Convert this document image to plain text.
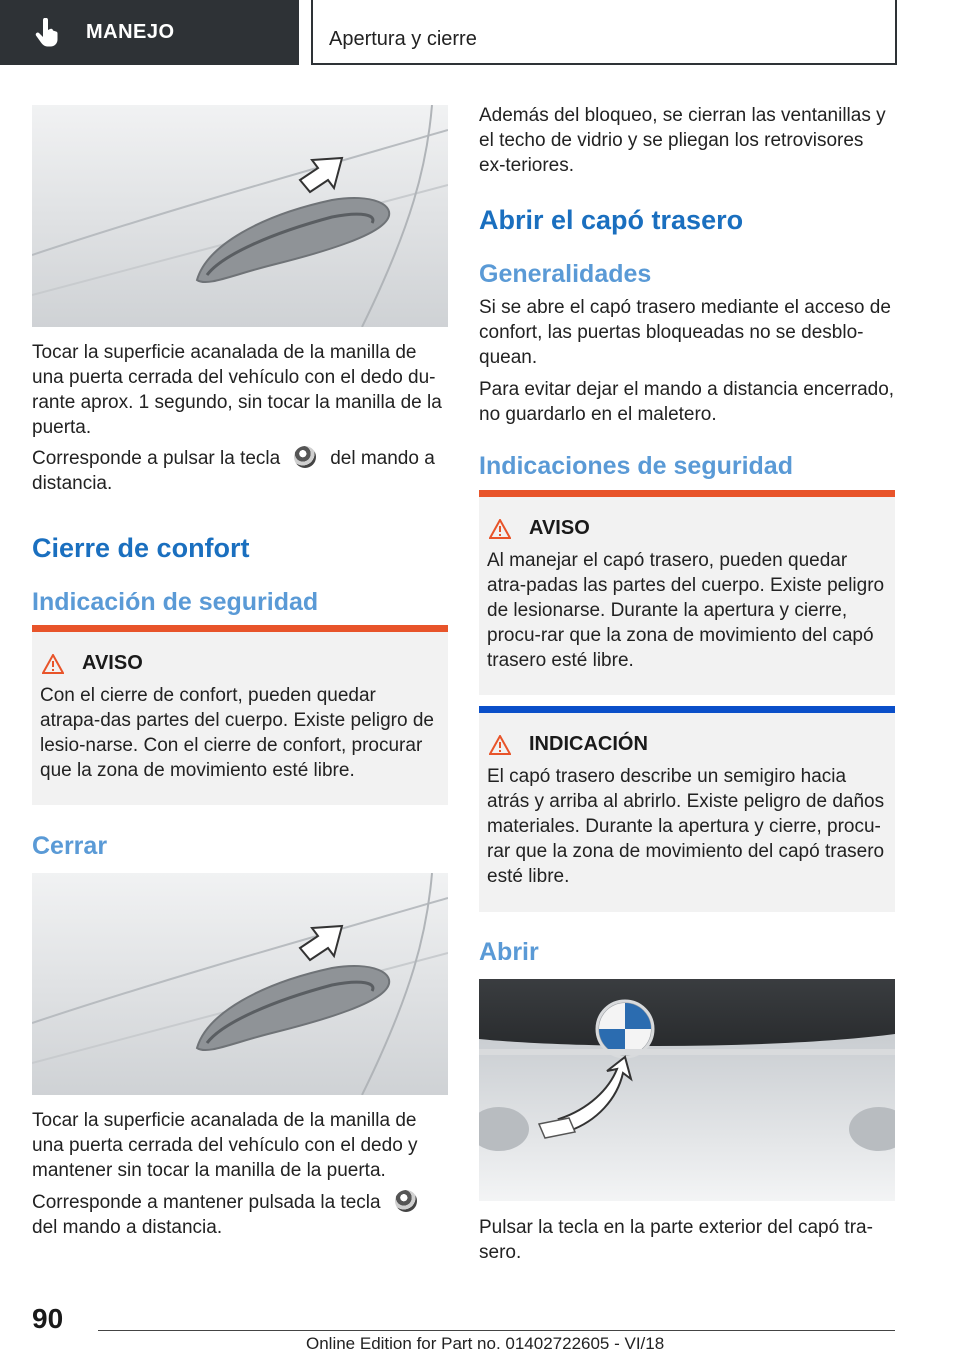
MANEJO	Apertura y cierre

Tocar la superficie acanalada de la manilla de una puerta cerrada del vehículo con el dedo du-rante aprox. 1 segundo, sin tocar la manilla de la puerta.

Corresponde a pulsar la tecla	del mando a distancia.

Cierre de confort
Indicación de seguridad
AVISO

Con el cierre de confort, pueden quedar atrapa-das partes del cuerpo. Existe peligro de lesio-narse. Con el cierre de confort, procurar que la zona de movimiento esté libre.

Cerrar

Tocar la superficie acanalada de la manilla de una puerta cerrada del vehículo con el dedo y mantener sin tocar la manilla de la puerta.

Corresponde a mantener pulsada la tecladel mando a distancia.

Además del bloqueo, se cierran las ventanillas y el techo de vidrio y se pliegan los retrovisores ex-teriores.

Abrir el capó trasero
Generalidades

Si se abre el capó trasero mediante el acceso de confort, las puertas bloqueadas no se desblo-quean.

Para evitar dejar el mando a distancia encerrado, no guardarlo en el maletero.

Indicaciones de seguridad
AVISO

Al manejar el capó trasero, pueden quedar atra-padas las partes del cuerpo. Existe peligro de lesionarse. Durante la apertura y cierre, procu-rar que la zona de movimiento del capó trasero esté libre.

INDICACIÓN

El capó trasero describe un semigiro hacia atrás y arriba al abrirlo. Existe peligro de daños materiales. Durante la apertura y cierre, procu-rar que la zona de movimiento del capó trasero esté libre.

Abrir

Pulsar la tecla en la parte exterior del capó tra-sero.

90
Online Edition for Part no. 01402722605 - VI/18
